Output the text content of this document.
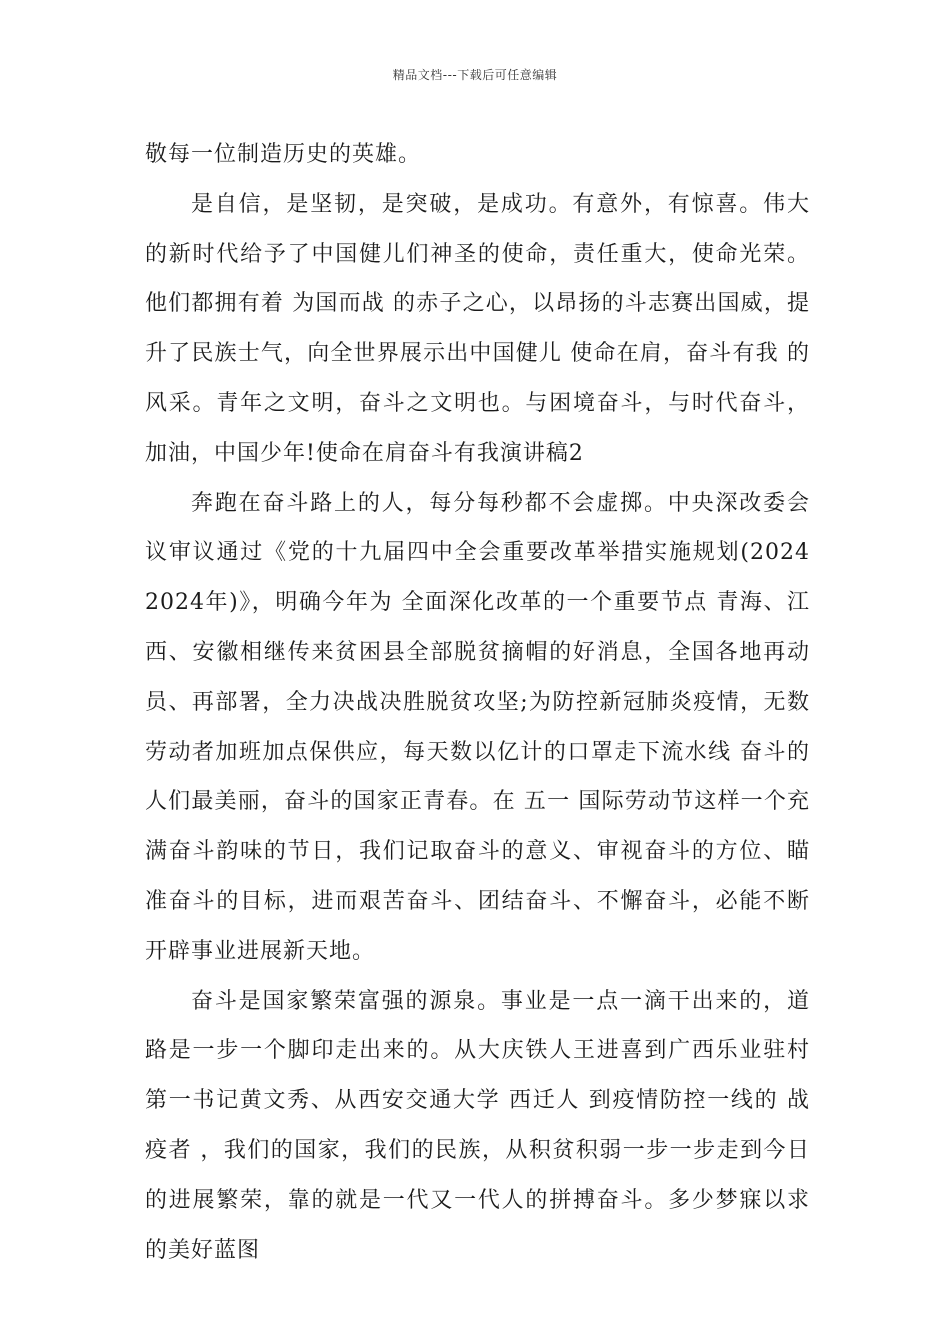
精品文档---下载后可任意编辑

敬每一位制造历史的英雄。

是自信，是坚韧，是突破，是成功。有意外，有惊喜。伟大的新时代给予了中国健儿们神圣的使命，责任重大，使命光荣。他们都拥有着 为国而战 的赤子之心，以昂扬的斗志赛出国威，提升了民族士气，向全世界展示出中国健儿 使命在肩，奋斗有我 的风采。青年之文明，奋斗之文明也。与困境奋斗，与时代奋斗，加油，中国少年!使命在肩奋斗有我演讲稿2

奔跑在奋斗路上的人，每分每秒都不会虚掷。中央深改委会议审议通过《党的十九届四中全会重要改革举措实施规划(2024 2024年)》，明确今年为 全面深化改革的一个重要节点 青海、江西、安徽相继传来贫困县全部脱贫摘帽的好消息，全国各地再动员、再部署，全力决战决胜脱贫攻坚;为防控新冠肺炎疫情，无数劳动者加班加点保供应，每天数以亿计的口罩走下流水线 奋斗的人们最美丽，奋斗的国家正青春。在 五一 国际劳动节这样一个充满奋斗韵味的节日，我们记取奋斗的意义、审视奋斗的方位、瞄准奋斗的目标，进而艰苦奋斗、团结奋斗、不懈奋斗，必能不断开辟事业进展新天地。

奋斗是国家繁荣富强的源泉。事业是一点一滴干出来的，道路是一步一个脚印走出来的。从大庆铁人王进喜到广西乐业驻村第一书记黄文秀、从西安交通大学 西迁人 到疫情防控一线的 战疫者 ，我们的国家，我们的民族，从积贫积弱一步一步走到今日的进展繁荣，靠的就是一代又一代人的拼搏奋斗。多少梦寐以求的美好蓝图
